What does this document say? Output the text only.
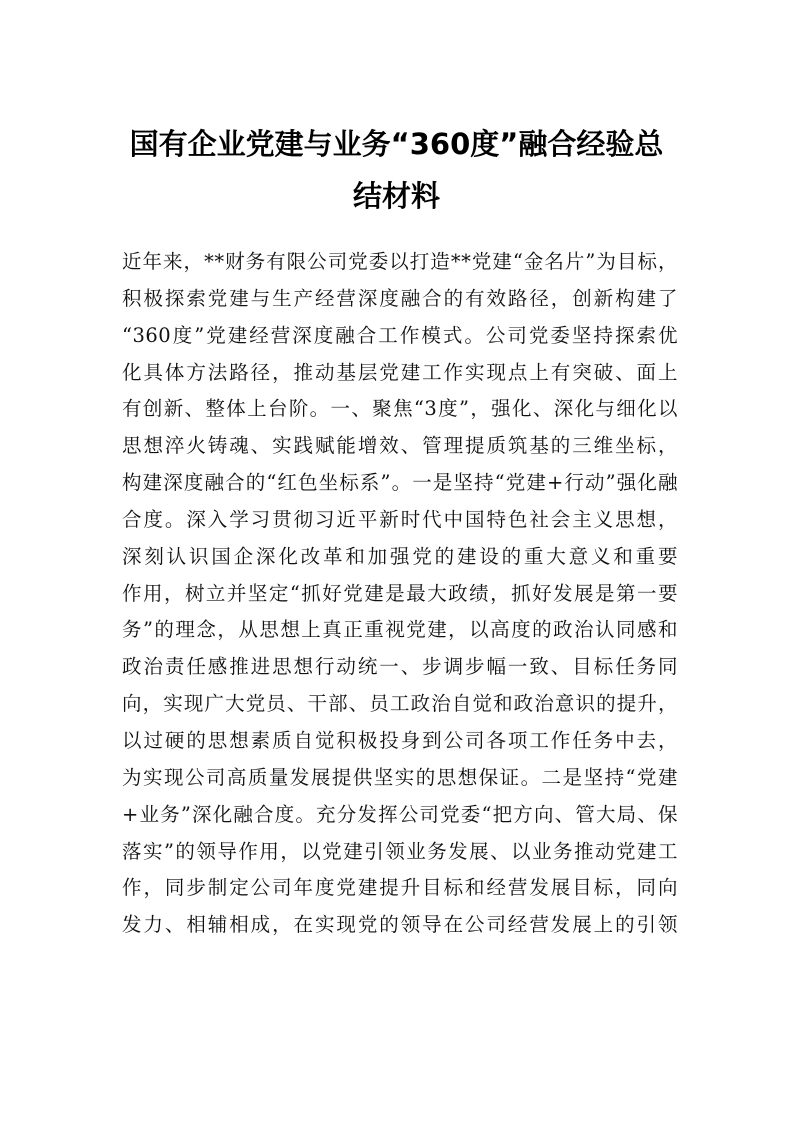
国有企业党建与业务“360度”融合经验总
结材料
近年来，**财务有限公司党委以打造**党建“金名片”为目标，
积极探索党建与生产经营深度融合的有效路径，创新构建了
“360度”党建经营深度融合工作模式。公司党委坚持探索优
化具体方法路径，推动基层党建工作实现点上有突破、面上
有创新、整体上台阶。一、聚焦“3度”，强化、深化与细化以
思想淬火铸魂、实践赋能增效、管理提质筑基的三维坐标，
构建深度融合的“红色坐标系”。一是坚持“党建+行动”强化融
合度。深入学习贯彻习近平新时代中国特色社会主义思想，
深刻认识国企深化改革和加强党的建设的重大意义和重要
作用，树立并坚定“抓好党建是最大政绩，抓好发展是第一要
务”的理念，从思想上真正重视党建，以高度的政治认同感和
政治责任感推进思想行动统一、步调步幅一致、目标任务同
向，实现广大党员、干部、员工政治自觉和政治意识的提升，
以过硬的思想素质自觉积极投身到公司各项工作任务中去，
为实现公司高质量发展提供坚实的思想保证。二是坚持“党建
+业务”深化融合度。充分发挥公司党委“把方向、管大局、保
落实”的领导作用，以党建引领业务发展、以业务推动党建工
作，同步制定公司年度党建提升目标和经营发展目标，同向
发力、相辅相成，在实现党的领导在公司经营发展上的引领
